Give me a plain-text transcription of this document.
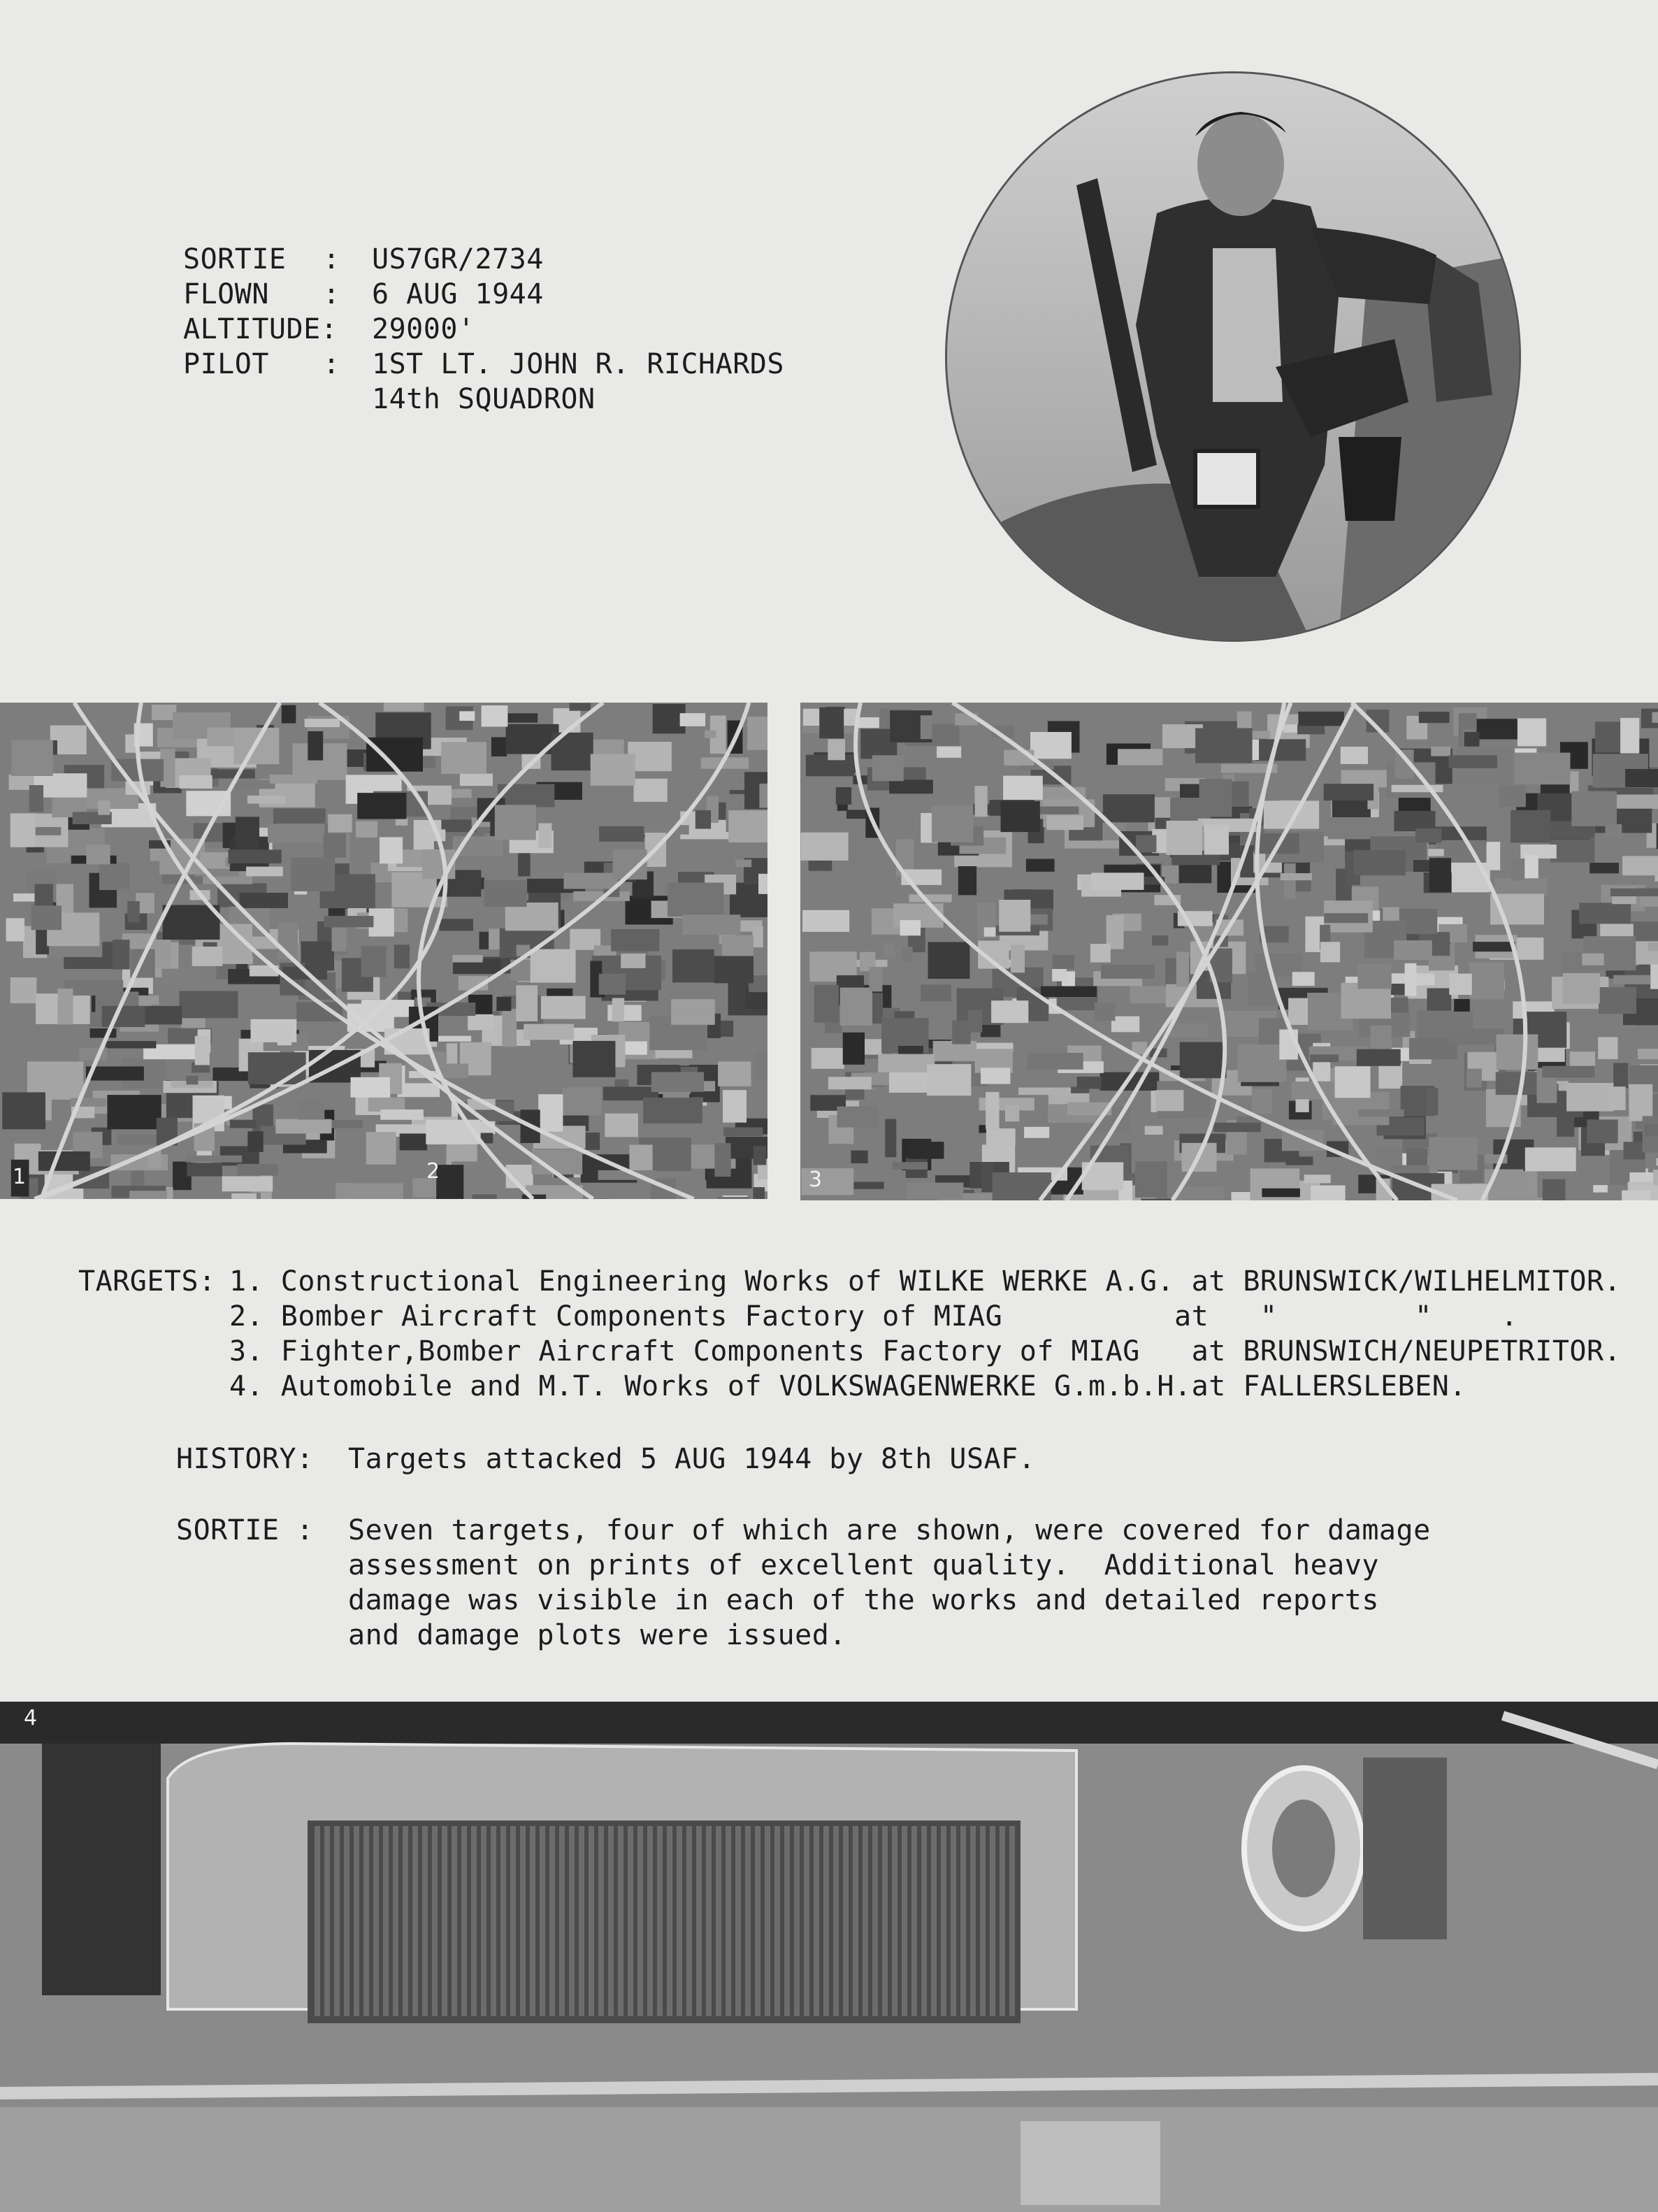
SORTIE

:

US7GR/2734

FLOWN

:

6 AUG 1944

ALTITUDE:

29000'

PILOT

:

1ST LT. JOHN R. RICHARDS

14th SQUADRON

1	2	3

TARGETS:

1. Constructional Engineering Works of WILKE WERKE A.G. at BRUNSWICK/WILHELMITOR.

2. Bomber Aircraft Components Factory of MIAG          at   "        "    .

3. Fighter,Bomber Aircraft Components Factory of MIAG   at BRUNSWICH/NEUPETRITOR.

4. Automobile and M.T. Works of VOLKSWAGENWERKE G.m.b.H.at FALLERSLEBEN.

HISTORY:

Targets attacked 5 AUG 1944 by 8th USAF.

SORTIE :

Seven targets, four of which are shown, were covered for damage

assessment on prints of excellent quality.  Additional heavy

damage was visible in each of the works and detailed reports

and damage plots were issued.

4
